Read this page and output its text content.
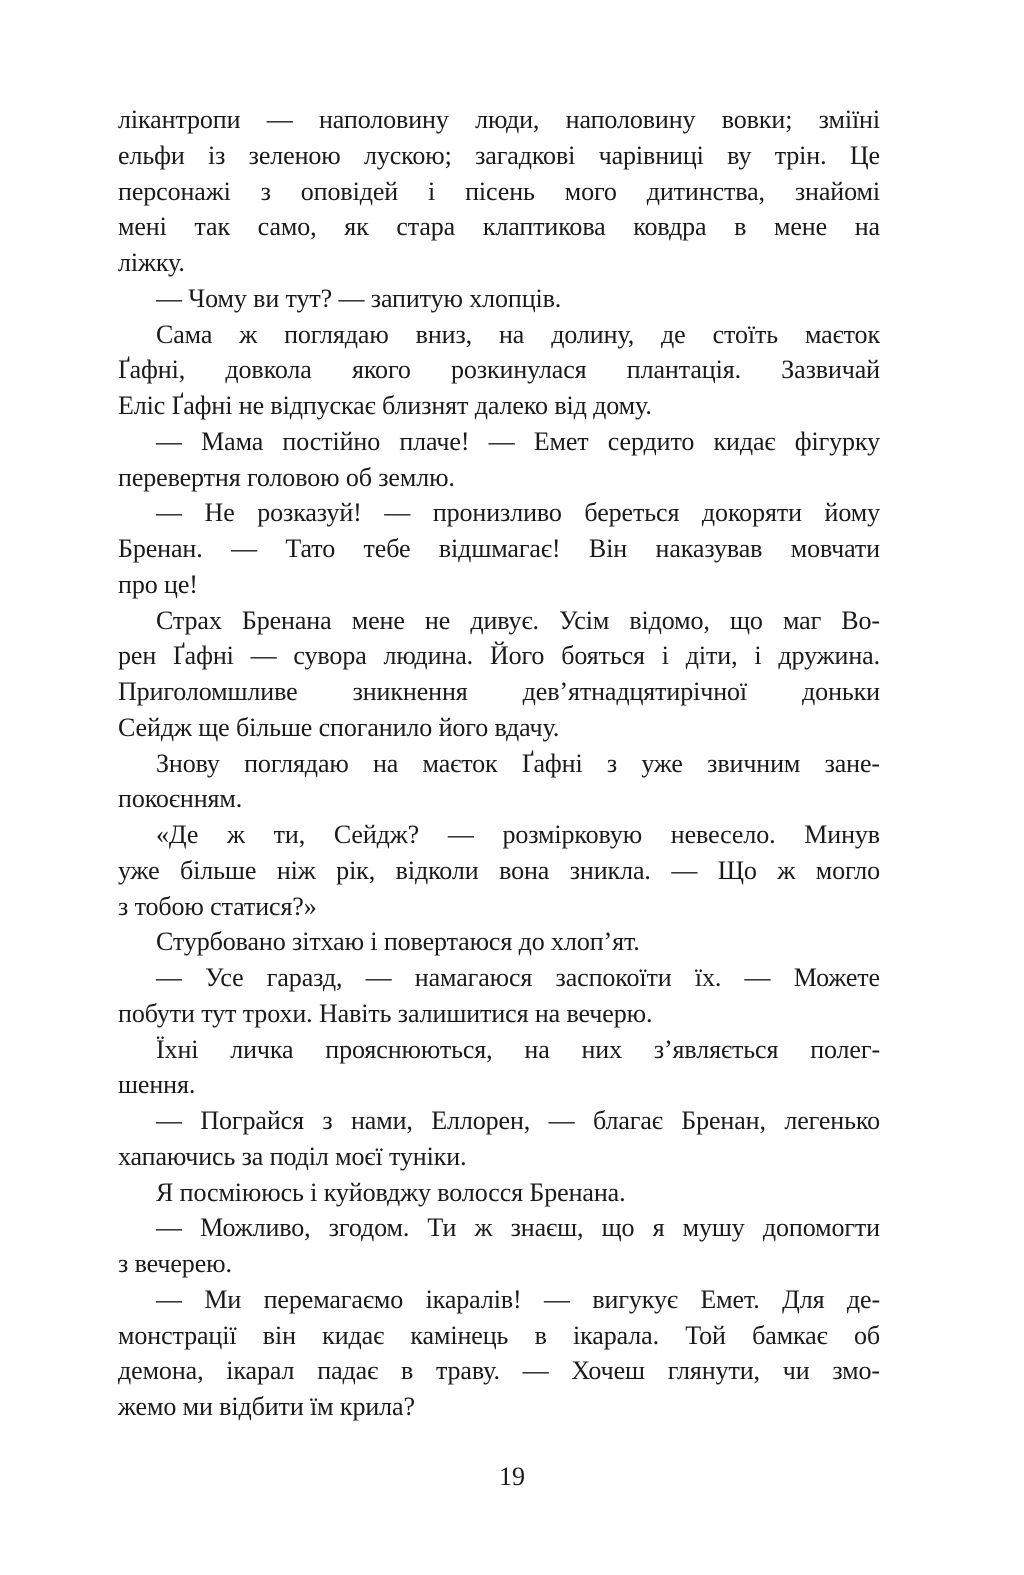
лікантропи — наполовину люди, наполовину вовки; зміїні
ельфи із зеленою лускою; загадкові чарівниці ву трін. Це
персонажі з оповідей і пісень мого дитинства, знайомі
мені так само, як стара клаптикова ковдра в мене на
ліжку.
— Чому ви тут? — запитую хлопців.
Сама ж поглядаю вниз, на долину, де стоїть маєток
Ґафні, довкола якого розкинулася плантація. Зазвичай
Еліс Ґафні не відпускає близнят далеко від дому.
— Мама постійно плаче! — Емет сердито кидає фігурку
перевертня головою об землю.
— Не розказуй! — пронизливо береться докоряти йому
Бренан. — Тато тебе відшмагає! Він наказував мовчати
про це!
Страх Бренана мене не дивує. Усім відомо, що маг Во-
рен Ґафні — сувора людина. Його бояться і діти, і дружина.
Приголомшливе зникнення дев’ятнадцятирічної доньки
Сейдж ще більше споганило його вдачу.
Знову поглядаю на маєток Ґафні з уже звичним зане-
покоєнням.
«Де ж ти, Сейдж? — розмірковую невесело. Минув
уже більше ніж рік, відколи вона зникла. — Що ж могло
з тобою статися?»
Стурбовано зітхаю і повертаюся до хлоп’ят.
— Усе гаразд, — намагаюся заспокоїти їх. — Можете
побути тут трохи. Навіть залишитися на вечерю.
Їхні личка прояснюються, на них з’являється полег-
шення.
— Пограйся з нами, Еллорен, — благає Бренан, легенько
хапаючись за поділ моєї туніки.
Я посміююсь і куйовджу волосся Бренана.
— Можливо, згодом. Ти ж знаєш, що я мушу допомогти
з вечерею.
— Ми перемагаємо ікаралів! — вигукує Емет. Для де-
монстрації він кидає камінець в ікарала. Той бамкає об
демона, ікарал падає в траву. — Хочеш глянути, чи змо-
жемо ми відбити їм крила?
19
